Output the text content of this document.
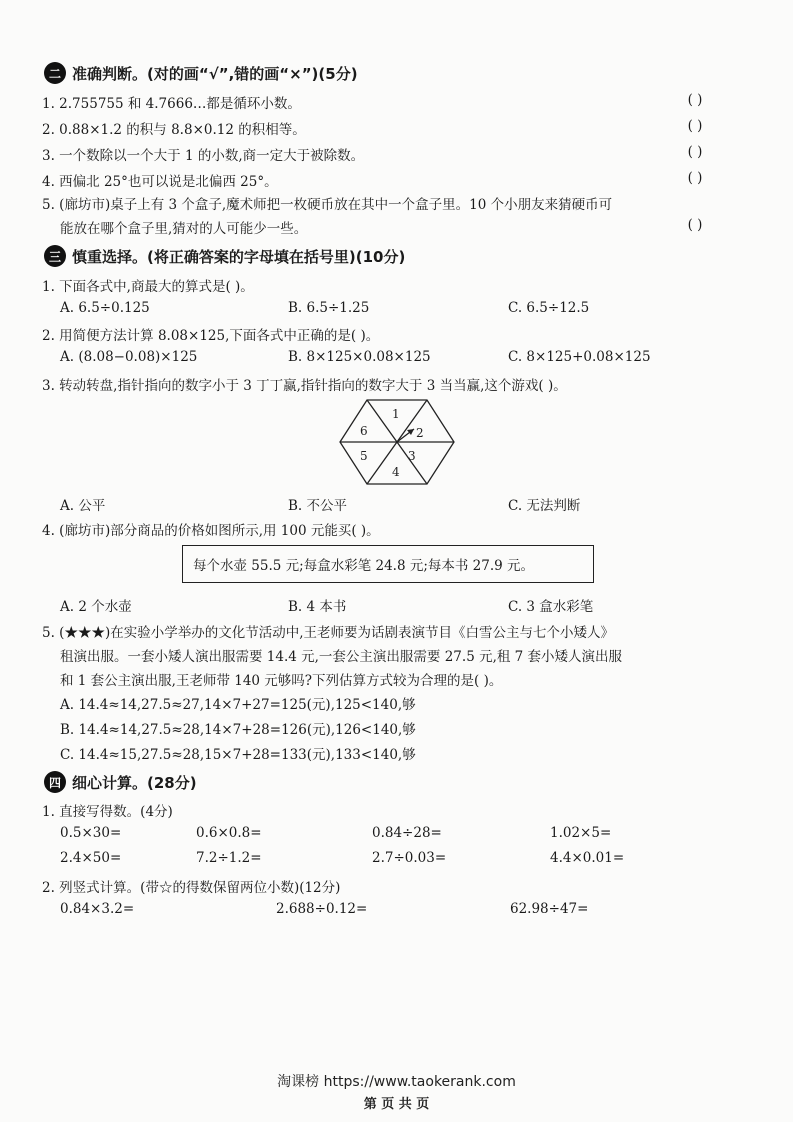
二 准确判断。(对的画“√”,错的画“×”)(5分)
1. 2.755755 和 4.7666…都是循环小数。	( )
2. 0.88×1.2 的积与 8.8×0.12 的积相等。	( )
3. 一个数除以一个大于 1 的小数,商一定大于被除数。	( )
4. 西偏北 25°也可以说是北偏西 25°。	( )
5. (廊坊市)桌子上有 3 个盒子,魔术师把一枚硬币放在其中一个盒子里。10 个小朋友来猜硬币可
能放在哪个盒子里,猜对的人可能少一些。	( )
三 慎重选择。(将正确答案的字母填在括号里)(10分)
1. 下面各式中,商最大的算式是( )。
A. 6.5÷0.125	B. 6.5÷1.25	C. 6.5÷12.5
2. 用简便方法计算 8.08×125,下面各式中正确的是( )。
A. (8.08−0.08)×125	B. 8×125×0.08×125	C. 8×125+0.08×125
3. 转动转盘,指针指向的数字小于 3 丁丁赢,指针指向的数字大于 3 当当赢,这个游戏( )。
1
2
3
4
5
6
A. 公平	B. 不公平	C. 无法判断
4. (廊坊市)部分商品的价格如图所示,用 100 元能买( )。
每个水壶 55.5 元;每盒水彩笔 24.8 元;每本书 27.9 元。
A. 2 个水壶	B. 4 本书	C. 3 盒水彩笔
5. (★★★)在实验小学举办的文化节活动中,王老师要为话剧表演节目《白雪公主与七个小矮人》
租演出服。一套小矮人演出服需要 14.4 元,一套公主演出服需要 27.5 元,租 7 套小矮人演出服
和 1 套公主演出服,王老师带 140 元够吗?下列估算方式较为合理的是( )。
A. 14.4≈14,27.5≈27,14×7+27=125(元),125<140,够
B. 14.4≈14,27.5≈28,14×7+28=126(元),126<140,够
C. 14.4≈15,27.5≈28,15×7+28=133(元),133<140,够
四 细心计算。(28分)
1. 直接写得数。(4分)
0.5×30=	0.6×0.8=	0.84÷28=	1.02×5=
2.4×50=	7.2÷1.2=	2.7÷0.03=	4.4×0.01=
2. 列竖式计算。(带☆的得数保留两位小数)(12分)
0.84×3.2=	2.688÷0.12=	62.98÷47=
淘课榜 https://www.taokerank.com
第 页 共 页
